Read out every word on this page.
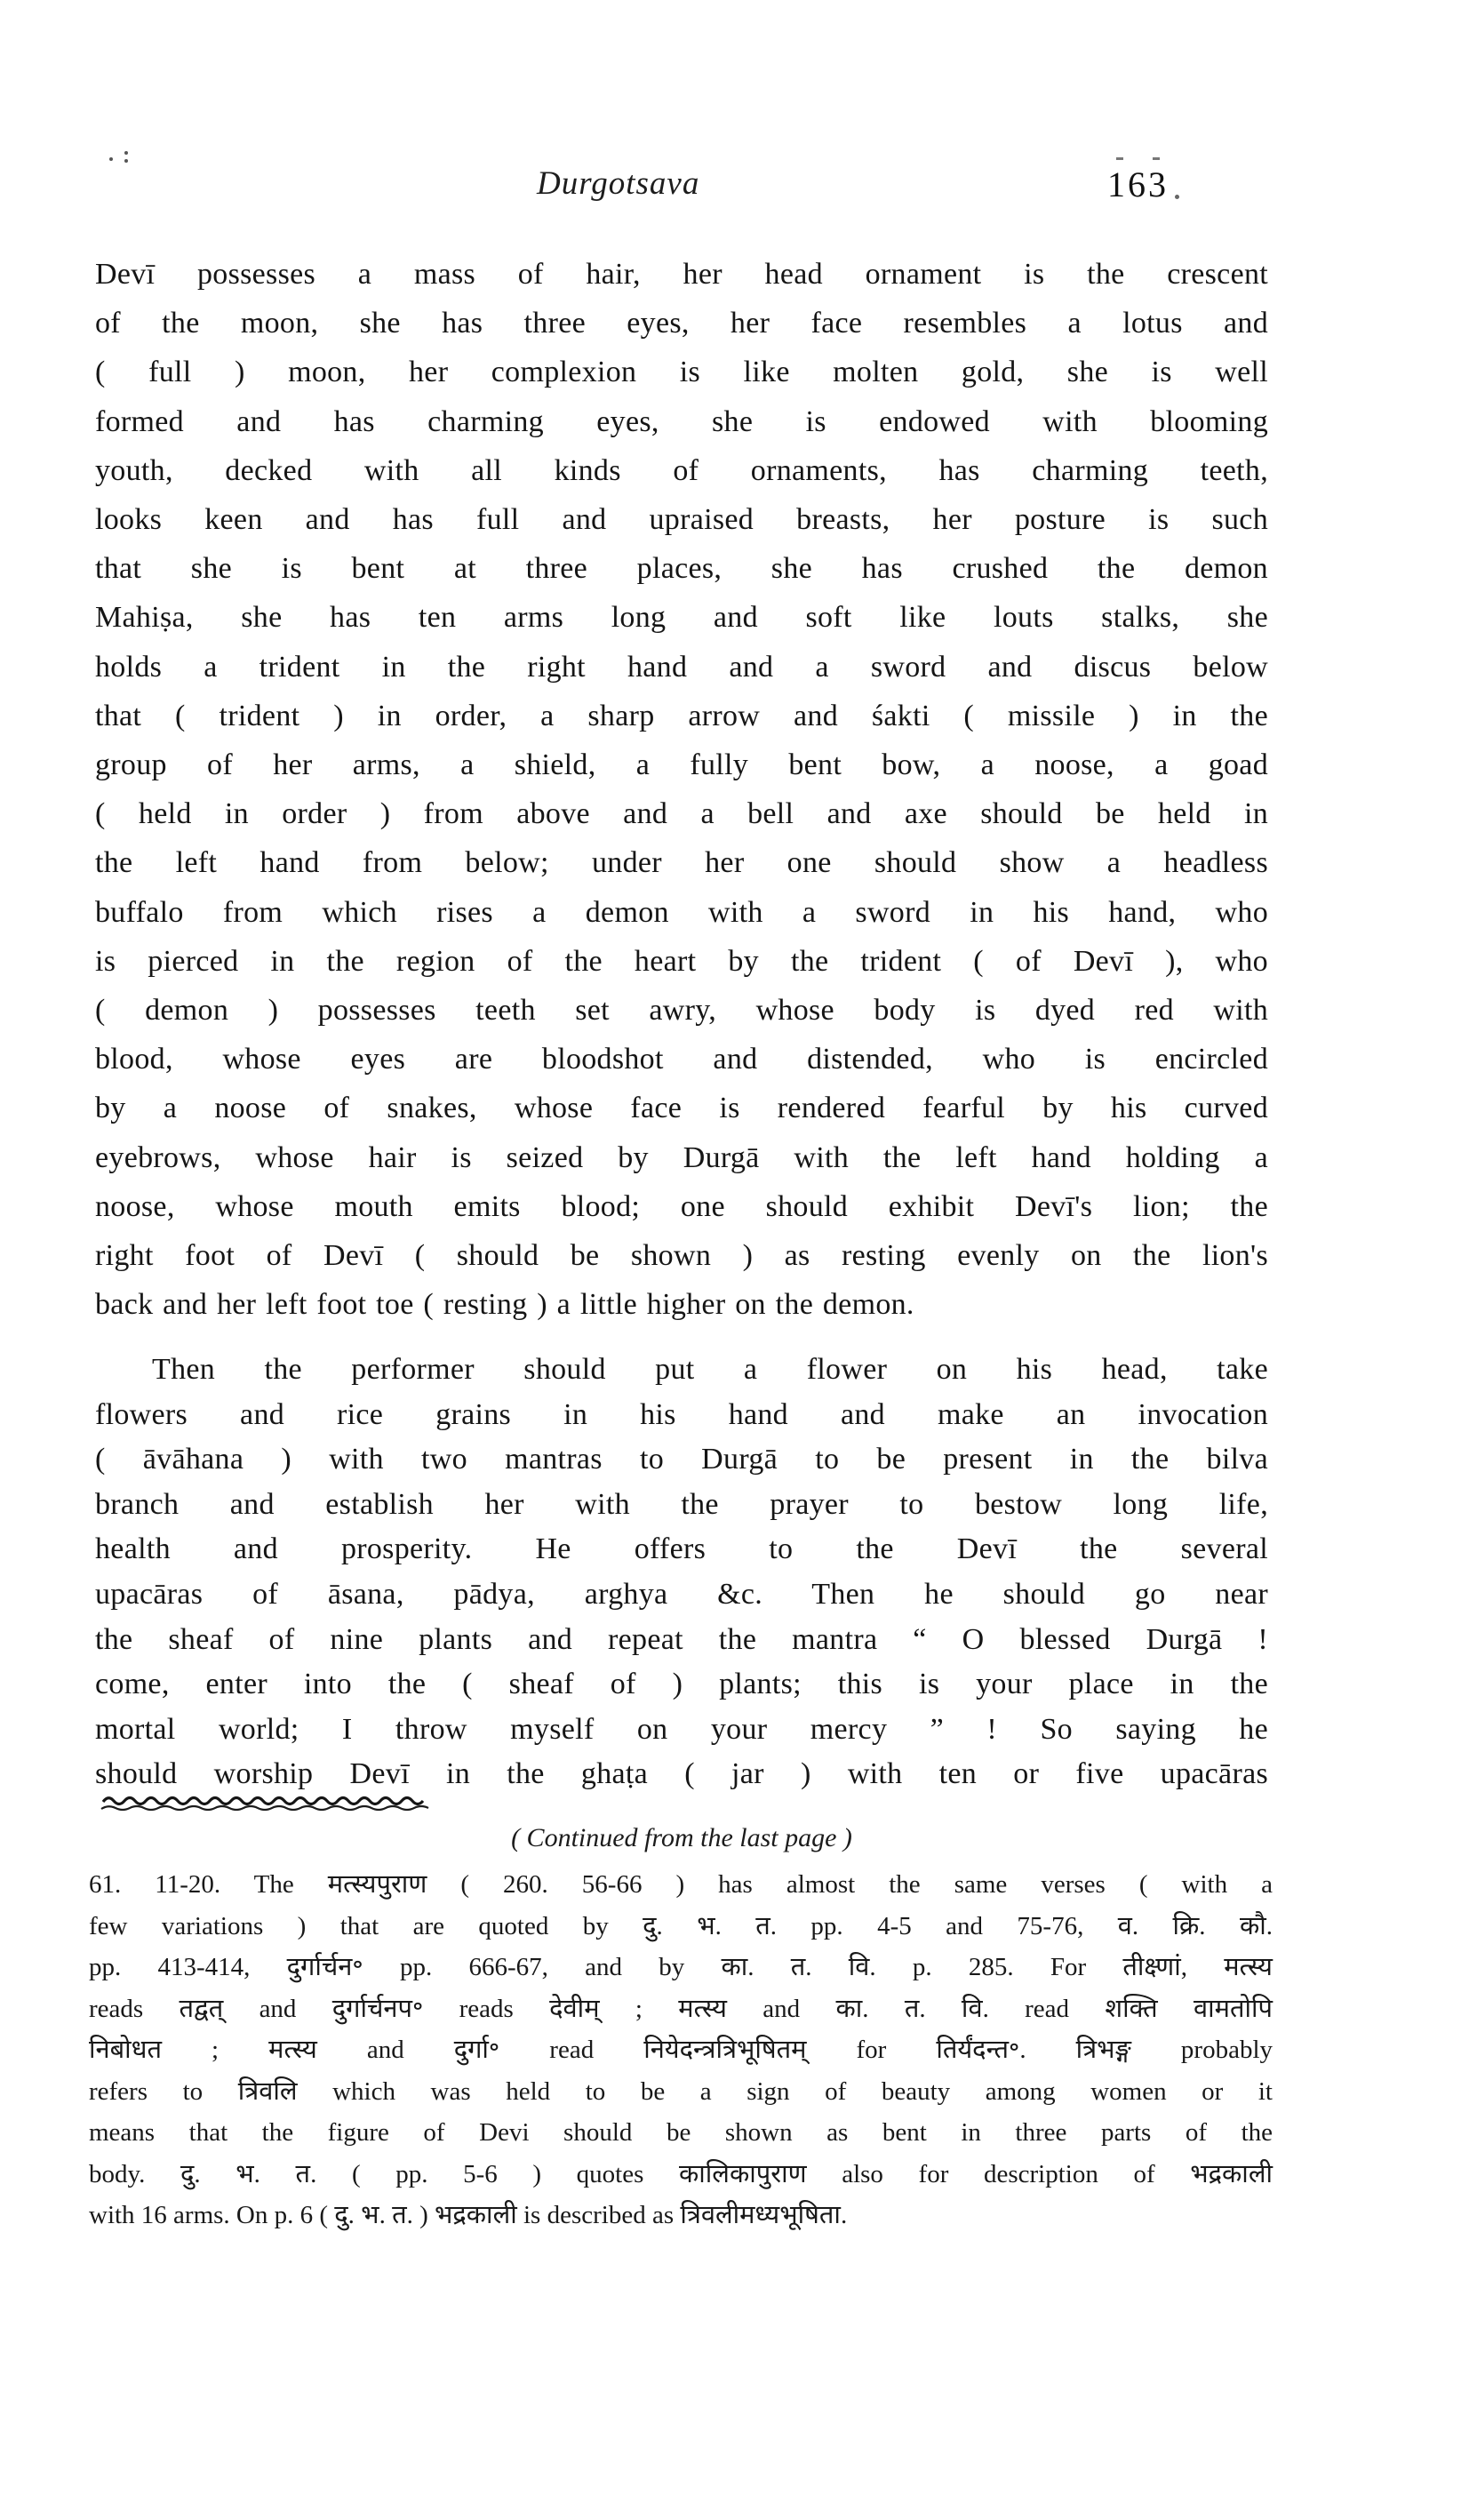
Durgotsava	163
Devī possesses a mass of hair, her head ornament is the crescent
of the moon, she has three eyes, her face resembles a lotus and
( full ) moon, her complexion is like molten gold, she is well
formed and has charming eyes, she is endowed with blooming
youth, decked with all kinds of ornaments, has charming teeth,
looks keen and has full and upraised breasts, her posture is such
that she is bent at three places, she has crushed the demon
Mahiṣa, she has ten arms long and soft like louts stalks, she
holds a trident in the right hand and a sword and discus below
that ( trident ) in order, a sharp arrow and śakti ( missile ) in the
group of her arms, a shield, a fully bent bow, a noose, a goad
( held in order ) from above and a bell and axe should be held in
the left hand from below; under her one should show a headless
buffalo from which rises a demon with a sword in his hand, who
is pierced in the region of the heart by the trident ( of Devī ), who
( demon ) possesses teeth set awry, whose body is dyed red with
blood, whose eyes are bloodshot and distended, who is encircled
by a noose of snakes, whose face is rendered fearful by his curved
eyebrows, whose hair is seized by Durgā with the left hand holding a
noose, whose mouth emits blood; one should exhibit Devī's lion; the
right foot of Devī ( should be shown ) as resting evenly on the lion's
back and her left foot toe ( resting ) a little higher on the demon.
Then the performer should put a flower on his head, take
flowers and rice grains in his hand and make an invocation
( āvāhana ) with two mantras to Durgā to be present in the bilva
branch and establish her with the prayer to bestow long life,
health and prosperity. He offers to the Devī the several
upacāras of āsana, pādya, arghya &c. Then he should go near
the sheaf of nine plants and repeat the mantra “ O blessed Durgā !
come, enter into the ( sheaf of ) plants; this is your place in the
mortal world; I throw myself on your mercy ” ! So saying he
should worship Devī in the ghaṭa ( jar ) with ten or five upacāras
( Continued from the last page )
61. 11-20. The मत्स्यपुराण ( 260. 56-66 ) has almost the same verses ( with a
few variations ) that are quoted by दु. भ. त. pp. 4-5 and 75-76, व. क्रि. कौ.
pp. 413-414, दुर्गार्चन॰ pp. 666-67, and by का. त. वि. p. 285. For तीक्ष्णां, मत्स्य
reads तद्वत् and दुर्गार्चनप॰ reads देवीम् ; मत्स्य and का. त. वि. read शक्ति वामतोपि
निबोधत ; मत्स्य and दुर्गा॰ read नियेदन्त्रत्रिभूषितम् for तिर्यंदन्त॰. त्रिभङ्ग probably
refers to त्रिवलि which was held to be a sign of beauty among women or it
means that the figure of Devi should be shown as bent in three parts of the
body. दु. भ. त. ( pp. 5-6 ) quotes कालिकापुराण also for description of भद्रकाली
with 16 arms. On p. 6 ( दु. भ. त. ) भद्रकाली is described as त्रिवलीमध्यभूषिता.
